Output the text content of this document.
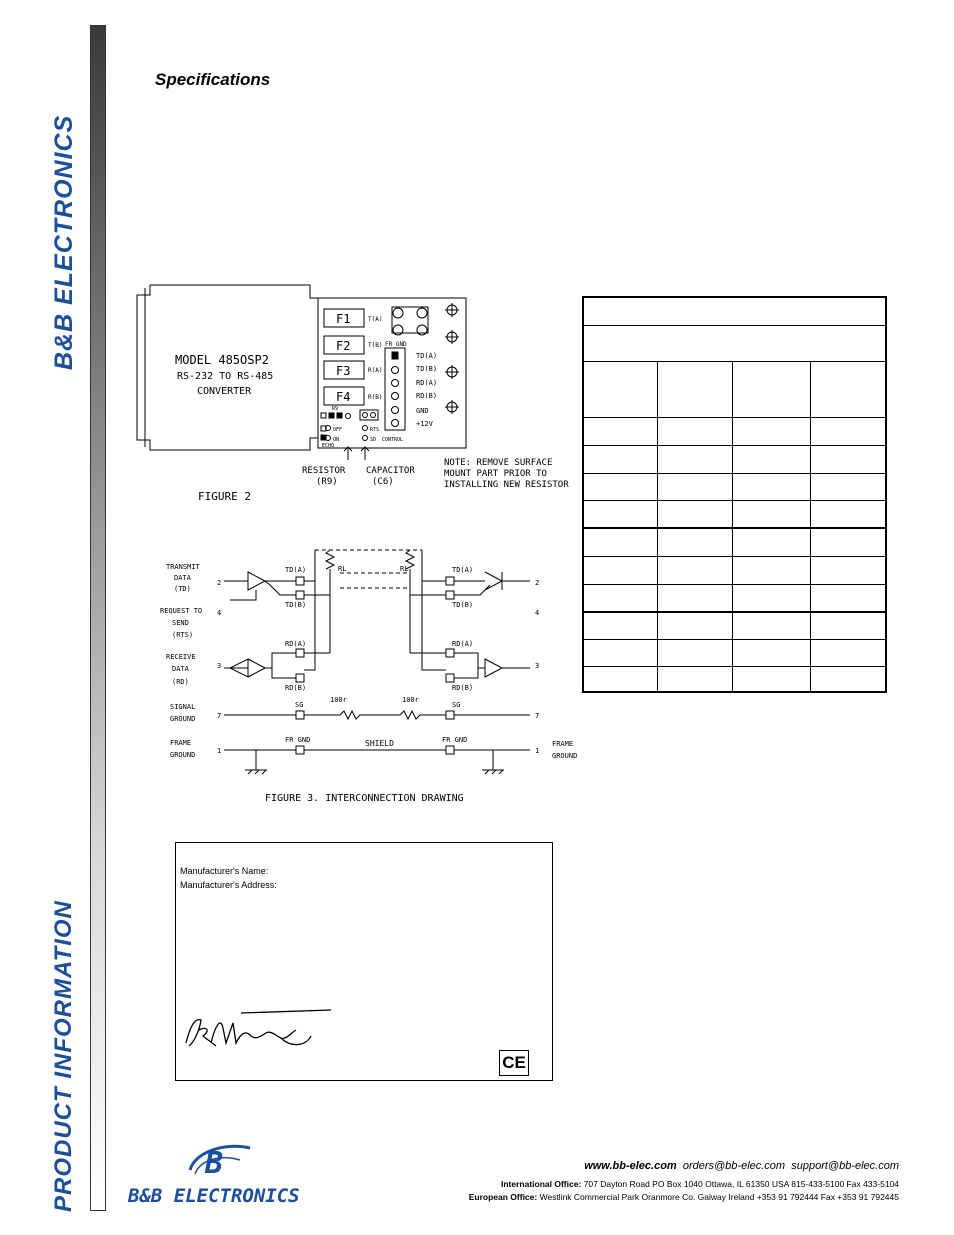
B&B ELECTRONICS
PRODUCT INFORMATION
Specifications
MODEL 485OSP2
RS-232 TO RS-485
CONVERTER
F1
F2
F3
F4
T(A)
T(B)
R(A)
R(B)
FR GND
TD(A)
TD(B)
RD(A)
RD(B)
GND
+12V
R9
OFF
ON
RTS
SD
ECHO
CONTROL
RESISTOR
(R9)
CAPACITOR
(C6)
NOTE: REMOVE SURFACE
MOUNT PART PRIOR TO
INSTALLING NEW RESISTOR
FIGURE 2
TRANSMIT
DATA
(TD)
REQUEST TO
SEND
(RTS)
RECEIVE
DATA
(RD)
SIGNAL
GROUND
FRAME
GROUND
2
4
3
7
1
2
4
3
7
1
FRAME
GROUND
TD(A)
TD(B)
RD(A)
RD(B)
SG
FR GND
TD(A)
TD(B)
RD(A)
RD(B)
SG
FR GND
RL	RL
100r	100r
SHIELD
FIGURE 3. INTERCONNECTION DRAWING
Manufacturer's Name:
Manufacturer's Address:
CE
B
B&B ELECTRONICS
www.bb-elec.com orders@bb-elec.com support@bb-elec.com
International Office: 707 Dayton Road PO Box 1040 Ottawa, IL 61350 USA 815-433-5100 Fax 433-5104
European Office: Westlink Commercial Park Oranmore Co. Galway Ireland +353 91 792444 Fax +353 91 792445
